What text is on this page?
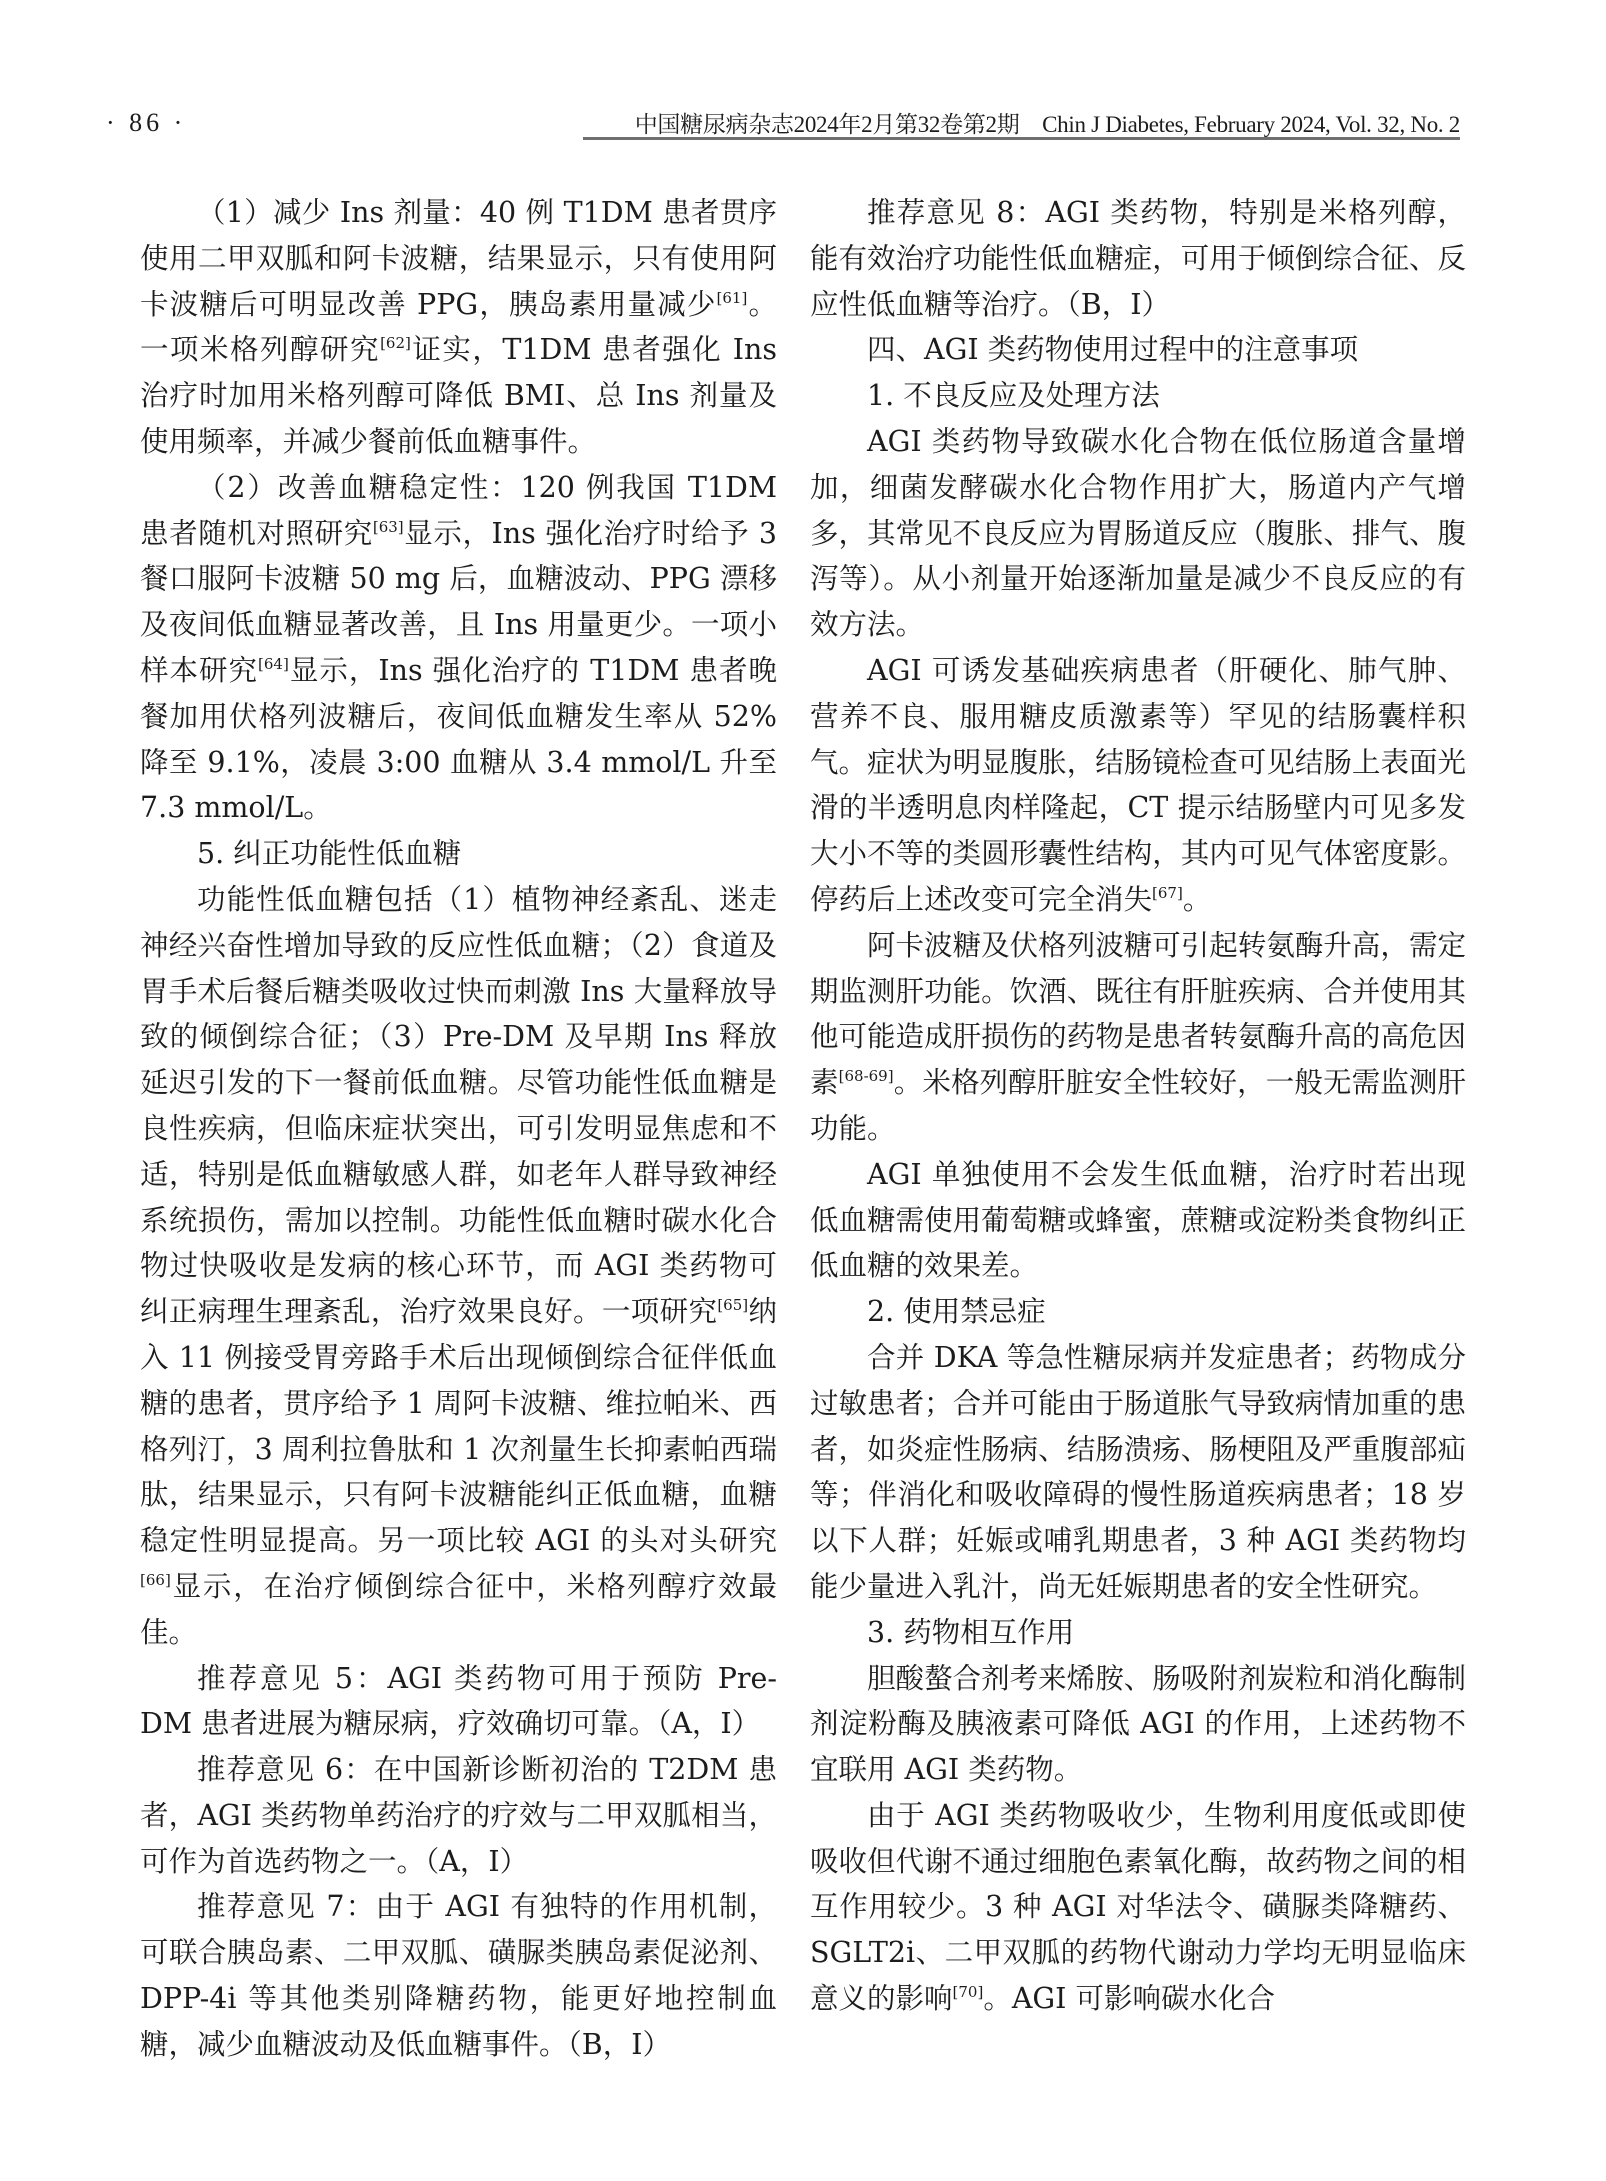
· 86 ·	中国糖尿病杂志2024年2月第32卷第2期　Chin J Diabetes, February 2024, Vol. 32, No. 2

（1）减少 Ins 剂量：40 例 T1DM 患者贯序使用二甲双胍和阿卡波糖，结果显示，只有使用阿卡波糖后可明显改善 PPG，胰岛素用量减少[61]。一项米格列醇研究[62]证实，T1DM 患者强化 Ins 治疗时加用米格列醇可降低 BMI、总 Ins 剂量及使用频率，并减少餐前低血糖事件。

（2）改善血糖稳定性：120 例我国 T1DM 患者随机对照研究[63]显示，Ins 强化治疗时给予 3 餐口服阿卡波糖 50 mg 后，血糖波动、PPG 漂移及夜间低血糖显著改善，且 Ins 用量更少。一项小样本研究[64]显示，Ins 强化治疗的 T1DM 患者晚餐加用伏格列波糖后，夜间低血糖发生率从 52% 降至 9.1%，凌晨 3:00 血糖从 3.4 mmol/L 升至 7.3 mmol/L。

5. 纠正功能性低血糖

功能性低血糖包括（1）植物神经紊乱、迷走神经兴奋性增加导致的反应性低血糖；（2）食道及胃手术后餐后糖类吸收过快而刺激 Ins 大量释放导致的倾倒综合征；（3）Pre-DM 及早期 Ins 释放延迟引发的下一餐前低血糖。尽管功能性低血糖是良性疾病，但临床症状突出，可引发明显焦虑和不适，特别是低血糖敏感人群，如老年人群导致神经系统损伤，需加以控制。功能性低血糖时碳水化合物过快吸收是发病的核心环节，而 AGI 类药物可纠正病理生理紊乱，治疗效果良好。一项研究[65]纳入 11 例接受胃旁路手术后出现倾倒综合征伴低血糖的患者，贯序给予 1 周阿卡波糖、维拉帕米、西格列汀，3 周利拉鲁肽和 1 次剂量生长抑素帕西瑞肽，结果显示，只有阿卡波糖能纠正低血糖，血糖稳定性明显提高。另一项比较 AGI 的头对头研究[66]显示，在治疗倾倒综合征中，米格列醇疗效最佳。

推荐意见 5：AGI 类药物可用于预防 Pre-DM 患者进展为糖尿病，疗效确切可靠。（A，I）

推荐意见 6：在中国新诊断初治的 T2DM 患者，AGI 类药物单药治疗的疗效与二甲双胍相当，可作为首选药物之一。（A，I）

推荐意见 7：由于 AGI 有独特的作用机制，可联合胰岛素、二甲双胍、磺脲类胰岛素促泌剂、DPP-4i 等其他类别降糖药物，能更好地控制血糖，减少血糖波动及低血糖事件。（B，I）

推荐意见 8：AGI 类药物，特别是米格列醇，能有效治疗功能性低血糖症，可用于倾倒综合征、反应性低血糖等治疗。（B，I）

四、AGI 类药物使用过程中的注意事项

1. 不良反应及处理方法

AGI 类药物导致碳水化合物在低位肠道含量增加，细菌发酵碳水化合物作用扩大，肠道内产气增多，其常见不良反应为胃肠道反应（腹胀、排气、腹泻等）。从小剂量开始逐渐加量是减少不良反应的有效方法。

AGI 可诱发基础疾病患者（肝硬化、肺气肿、营养不良、服用糖皮质激素等）罕见的结肠囊样积气。症状为明显腹胀，结肠镜检查可见结肠上表面光滑的半透明息肉样隆起，CT 提示结肠壁内可见多发大小不等的类圆形囊性结构，其内可见气体密度影。停药后上述改变可完全消失[67]。

阿卡波糖及伏格列波糖可引起转氨酶升高，需定期监测肝功能。饮酒、既往有肝脏疾病、合并使用其他可能造成肝损伤的药物是患者转氨酶升高的高危因素[68-69]。米格列醇肝脏安全性较好，一般无需监测肝功能。

AGI 单独使用不会发生低血糖，治疗时若出现低血糖需使用葡萄糖或蜂蜜，蔗糖或淀粉类食物纠正低血糖的效果差。

2. 使用禁忌症

合并 DKA 等急性糖尿病并发症患者；药物成分过敏患者；合并可能由于肠道胀气导致病情加重的患者，如炎症性肠病、结肠溃疡、肠梗阻及严重腹部疝等；伴消化和吸收障碍的慢性肠道疾病患者；18 岁以下人群；妊娠或哺乳期患者，3 种 AGI 类药物均能少量进入乳汁，尚无妊娠期患者的安全性研究。

3. 药物相互作用

胆酸螯合剂考来烯胺、肠吸附剂炭粒和消化酶制剂淀粉酶及胰液素可降低 AGI 的作用，上述药物不宜联用 AGI 类药物。

由于 AGI 类药物吸收少，生物利用度低或即使吸收但代谢不通过细胞色素氧化酶，故药物之间的相互作用较少。3 种 AGI 对华法令、磺脲类降糖药、SGLT2i、二甲双胍的药物代谢动力学均无明显临床意义的影响[70]。AGI 可影响碳水化合
